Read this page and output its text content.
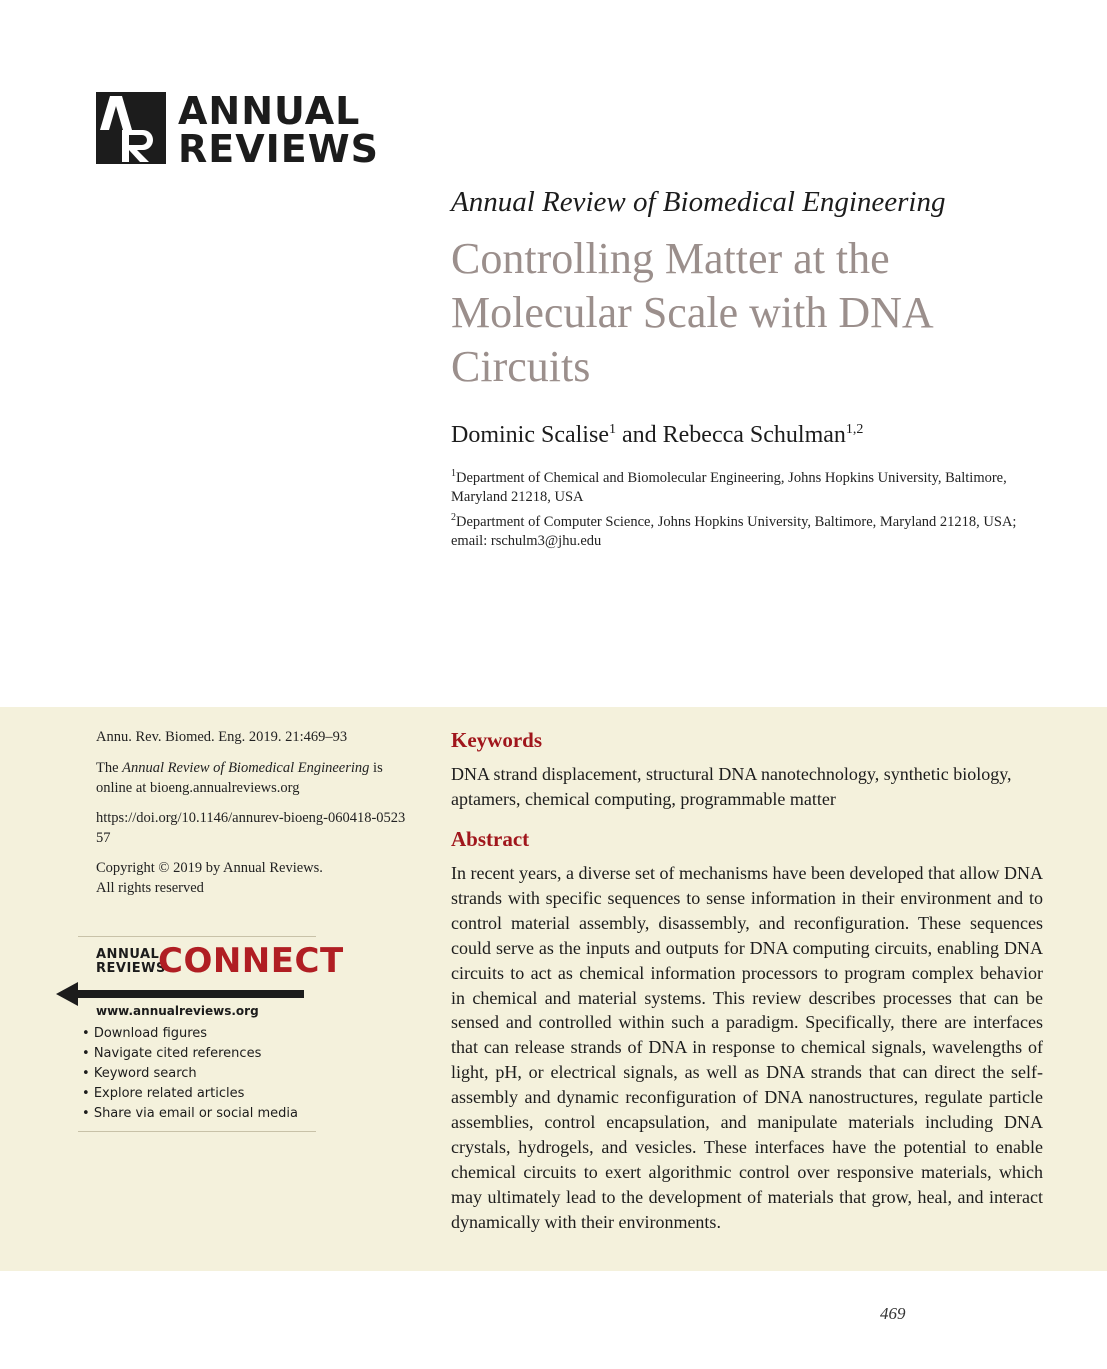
ANNUAL
REVIEWS
Annual Review of Biomedical Engineering
Controlling Matter at the Molecular Scale with DNA Circuits
Dominic Scalise$^1$ and Rebecca Schulman$^{1,2}$
$^1$Department of Chemical and Biomolecular Engineering, Johns Hopkins University, Baltimore, Maryland 21218, USA
$^2$Department of Computer Science, Johns Hopkins University, Baltimore, Maryland 21218, USA; email: rschulm3@jhu.edu
Annu. Rev. Biomed. Eng. 2019. 21:469–93
The Annual Review of Biomedical Engineering is online at bioeng.annualreviews.org
https://doi.org/10.1146/annurev-bioeng-060418-052357
Copyright © 2019 by Annual Reviews.
All rights reserved
ANNUAL
REVIEWS
CONNECT
www.annualreviews.org
• Download figures
• Navigate cited references
• Keyword search
• Explore related articles
• Share via email or social media
Keywords
DNA strand displacement, structural DNA nanotechnology, synthetic biology, aptamers, chemical computing, programmable matter
Abstract
In recent years, a diverse set of mechanisms have been developed that allow DNA strands with specific sequences to sense information in their environment and to control material assembly, disassembly, and reconfiguration. These sequences could serve as the inputs and outputs for DNA computing circuits, enabling DNA circuits to act as chemical information processors to program complex behavior in chemical and material systems. This review describes processes that can be sensed and controlled within such a paradigm. Specifically, there are interfaces that can release strands of DNA in response to chemical signals, wavelengths of light, pH, or electrical signals, as well as DNA strands that can direct the self-assembly and dynamic reconfiguration of DNA nanostructures, regulate particle assemblies, control encapsulation, and manipulate materials including DNA crystals, hydrogels, and vesicles. These interfaces have the potential to enable chemical circuits to exert algorithmic control over responsive materials, which may ultimately lead to the development of materials that grow, heal, and interact dynamically with their environments.
469
